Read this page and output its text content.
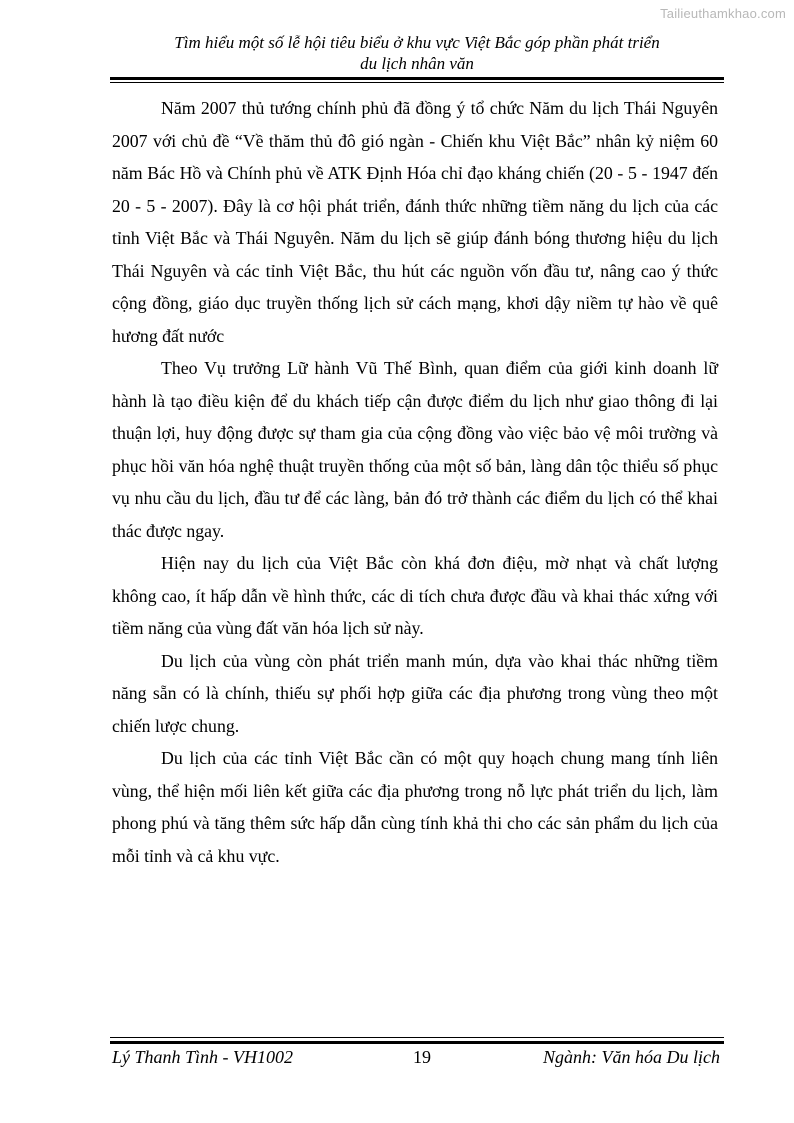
Tailieuthamkhao.com
Tìm hiểu một số lễ hội tiêu biểu ở khu vực Việt Bắc góp phần phát triển
du lịch nhân văn

Năm 2007 thủ tướng chính phủ đã đồng ý tổ chức Năm du lịch Thái Nguyên 2007 với chủ đề “Về thăm thủ đô gió ngàn - Chiến khu Việt Bắc” nhân kỷ niệm 60 năm Bác Hồ và Chính phủ về ATK Định Hóa chỉ đạo kháng chiến (20 - 5 - 1947 đến 20 - 5 - 2007). Đây là cơ hội phát triển, đánh thức những tiềm năng du lịch của các tỉnh Việt Bắc và Thái Nguyên. Năm du lịch sẽ giúp đánh bóng thương hiệu du lịch Thái Nguyên và các tỉnh Việt Bắc, thu hút các nguồn vốn đầu tư, nâng cao ý thức cộng đồng, giáo dục truyền thống lịch sử cách mạng, khơi dậy niềm tự hào về quê hương đất nước

Theo Vụ trưởng Lữ hành Vũ Thế Bình, quan điểm của giới kinh doanh lữ hành là tạo điều kiện để du khách tiếp cận được điểm du lịch như giao thông đi lại thuận lợi, huy động được sự tham gia của cộng đồng vào việc bảo vệ môi trường và phục hồi văn hóa nghệ thuật truyền thống của một số bản, làng dân tộc thiểu số phục vụ nhu cầu du lịch, đầu tư để các làng, bản đó trở thành các điểm du lịch có thể khai thác được ngay.

Hiện nay du lịch của Việt Bắc còn khá đơn điệu, mờ nhạt và chất lượng không cao, ít hấp dẫn về hình thức, các di tích chưa được đầu và khai thác xứng với tiềm năng của vùng đất văn hóa lịch sử này.

Du lịch của vùng còn phát triển manh mún, dựa vào khai thác những tiềm năng sẵn có là chính, thiếu sự phối hợp giữa các địa phương trong vùng theo một chiến lược chung.

Du lịch của các tỉnh Việt Bắc cần có một quy hoạch chung mang tính liên vùng, thể hiện mối liên kết giữa các địa phương trong nỗ lực phát triển du lịch, làm phong phú và tăng thêm sức hấp dẫn cùng tính khả thi cho các sản phẩm du lịch của mỗi tỉnh và cả khu vực.

Lý Thanh Tình - VH1002	19	Ngành: Văn hóa Du lịch
